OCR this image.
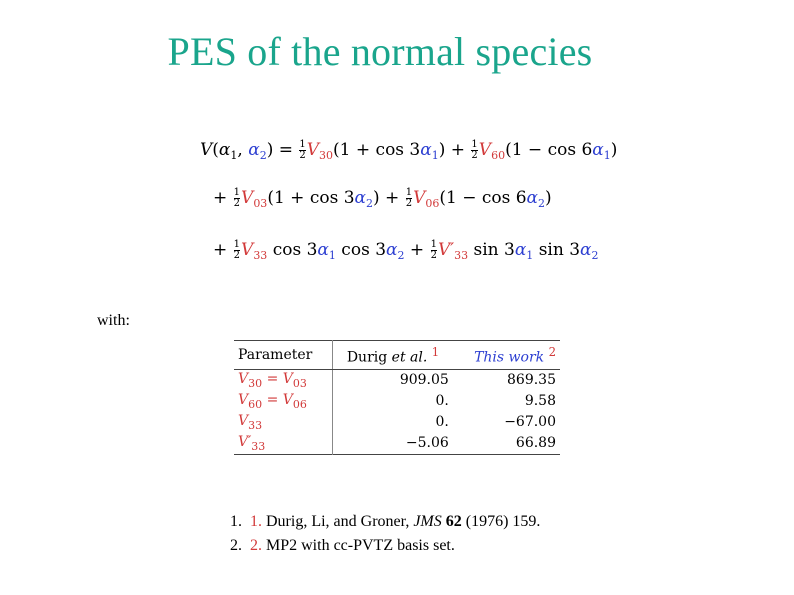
PES of the normal species
$V(\alpha_1$, $\alpha_2) = \frac{1}{2} V_{30}(1 + \cos 3\alpha_1) + \frac{1}{2} V_{60}(1 - \cos 6\alpha_1)$
+ $\frac{1}{2} V_{03}(1 + \cos 3\alpha_2) + \frac{1}{2} V_{06}(1 - \cos 6\alpha_2)$
+ $\frac{1}{2} V_{33}$ $\cos 3\alpha_1$ $\cos 3\alpha_2 + \frac{1}{2} V'_{33}$ $\sin 3\alpha_1$ $\sin 3\alpha_2$
with:
Parameter	Durig et al. $^1$	This work $^2$
$V_{30} = V_{03}$	909.05	869.35
$V_{60} = V_{06}$	0.	9.58
$V_{33}$	0.	−67.00
$V'_{33}$	−5.06	66.89
1. 1. Durig, Li, and Groner, JMS 62 (1976) 159.
2. 2. MP2 with cc-PVTZ basis set.
